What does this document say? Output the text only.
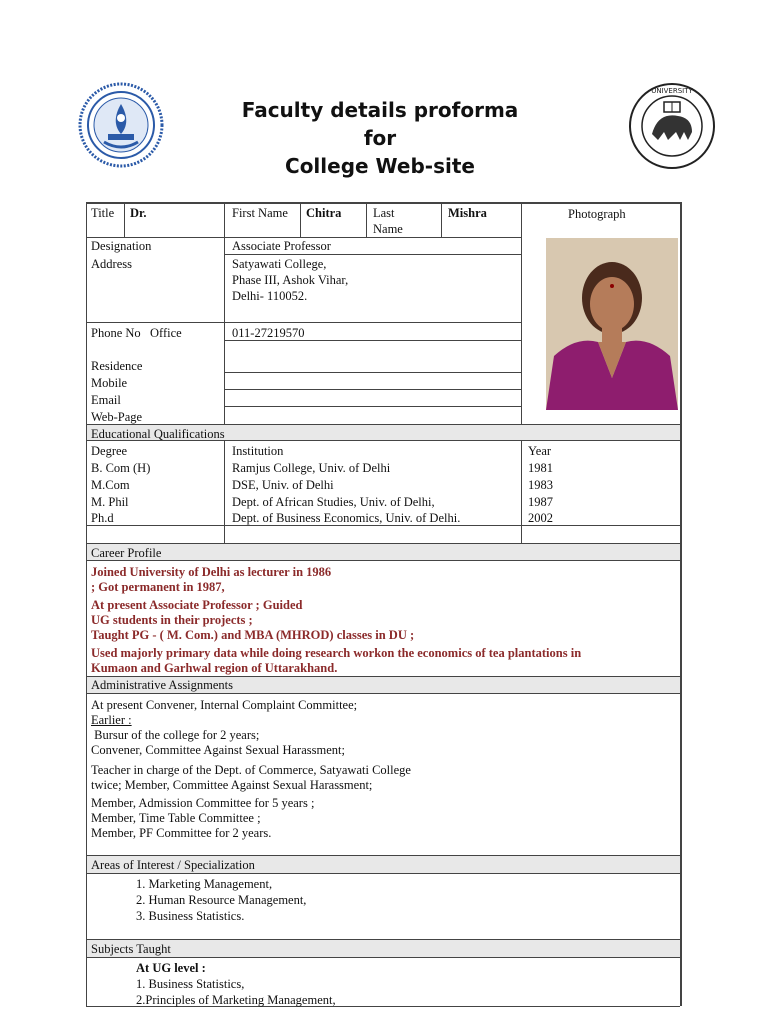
Faculty details proforma for
College Web-site
UNIVERSITY
Title Dr.	First Name Chitra	Last
Name
Mishra	Photograph
Designation	Associate Professor
Address	Satyawati College,
Phase III, Ashok Vihar,
Delhi- 110052.
Phone No   Office	011-27219570
Residence
Mobile
Email
Web-Page
Educational Qualifications
Degree	Institution	Year
B. Com (H)	Ramjus College, Univ. of Delhi	1981
M.Com	DSE, Univ. of Delhi	1983
M. Phil	Dept. of African Studies, Univ. of Delhi,	1987
Ph.d	Dept. of Business Economics, Univ. of Delhi.	2002
Career Profile
Joined University of Delhi as lecturer in 1986
; Got permanent in 1987,
At present Associate Professor ; Guided
UG students in their projects ;
Taught PG - ( M. Com.) and MBA (MHROD) classes in DU ;
Used majorly primary data while doing research workon the economics of tea plantations in
Kumaon and Garhwal region of Uttarakhand.
Administrative Assignments
At present Convener, Internal Complaint Committee;
Earlier :
Bursur of the college for 2 years;
Convener, Committee Against Sexual Harassment;
Teacher in charge of the Dept. of Commerce, Satyawati College
twice; Member, Committee Against Sexual Harassment;
Member, Admission Committee for 5 years ;
Member, Time Table Committee ;
Member, PF Committee for 2 years.
Areas of Interest / Specialization
1. Marketing Management,
2. Human Resource Management,
3. Business Statistics.
Subjects Taught
At UG level :
1. Business Statistics,
2.Principles of Marketing Management,
